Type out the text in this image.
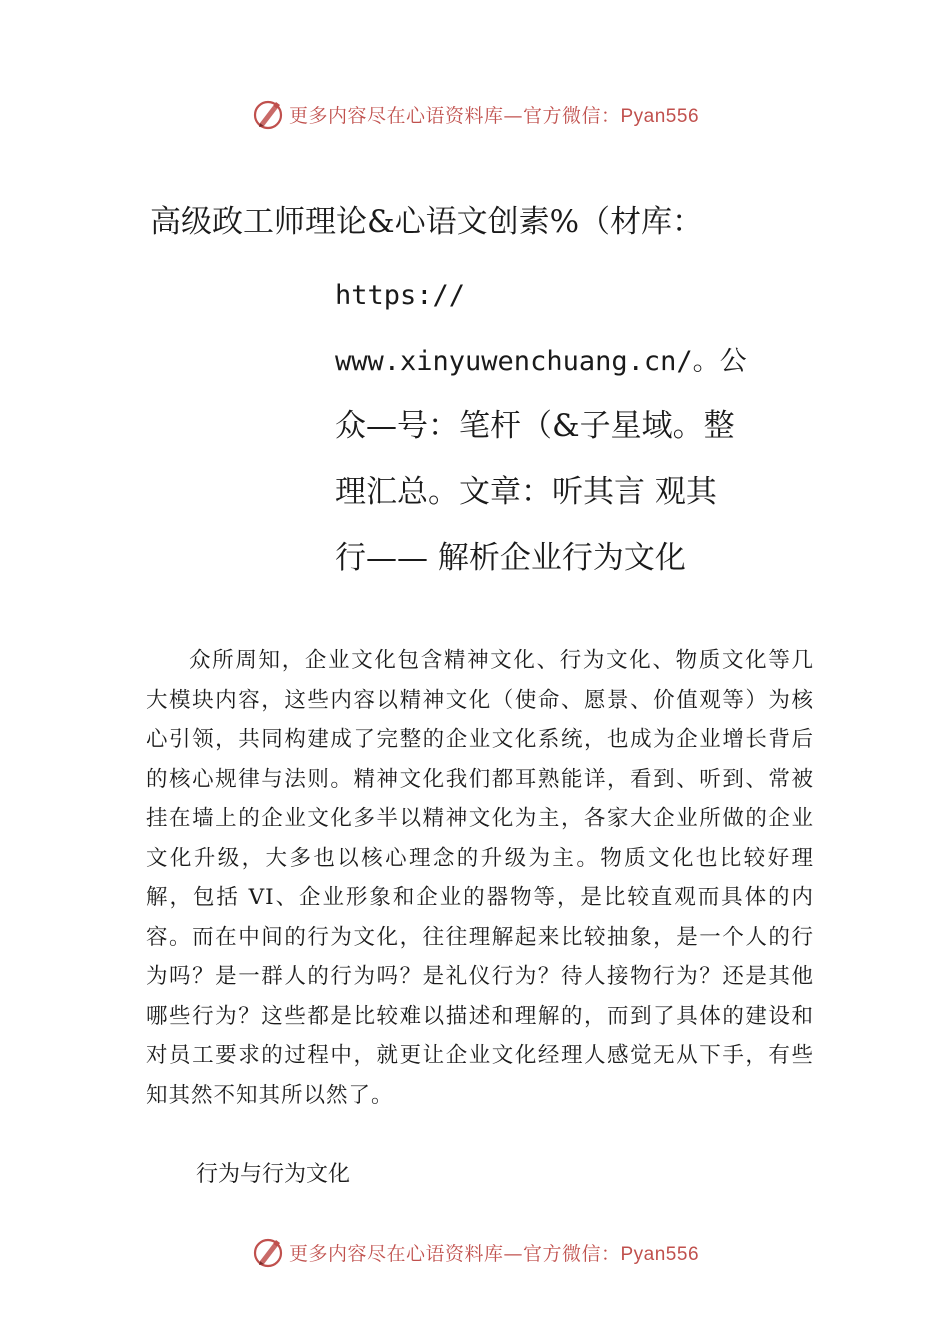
更多内容尽在心语资料库—官方微信：Pyan556
高级政工师理论&心语文创素%（材库：
https://
www.xinyuwenchuang.cn/。公
众—号：笔杆（&子星域。整
理汇总。文章：听其言 观其
行—— 解析企业行为文化

众所周知，企业文化包含精神文化、行为文化、物质文化等几大模块内容，这些内容以精神文化（使命、愿景、价值观等）为核心引领，共同构建成了完整的企业文化系统，也成为企业增长背后的核心规律与法则。精神文化我们都耳熟能详，看到、听到、常被挂在墙上的企业文化多半以精神文化为主，各家大企业所做的企业文化升级，大多也以核心理念的升级为主。物质文化也比较好理解，包括 VI、企业形象和企业的器物等，是比较直观而具体的内容。而在中间的行为文化，往往理解起来比较抽象，是一个人的行为吗？是一群人的行为吗？是礼仪行为？待人接物行为？还是其他哪些行为？这些都是比较难以描述和理解的，而到了具体的建设和对员工要求的过程中，就更让企业文化经理人感觉无从下手，有些知其然不知其所以然了。

行为与行为文化

更多内容尽在心语资料库—官方微信：Pyan556
